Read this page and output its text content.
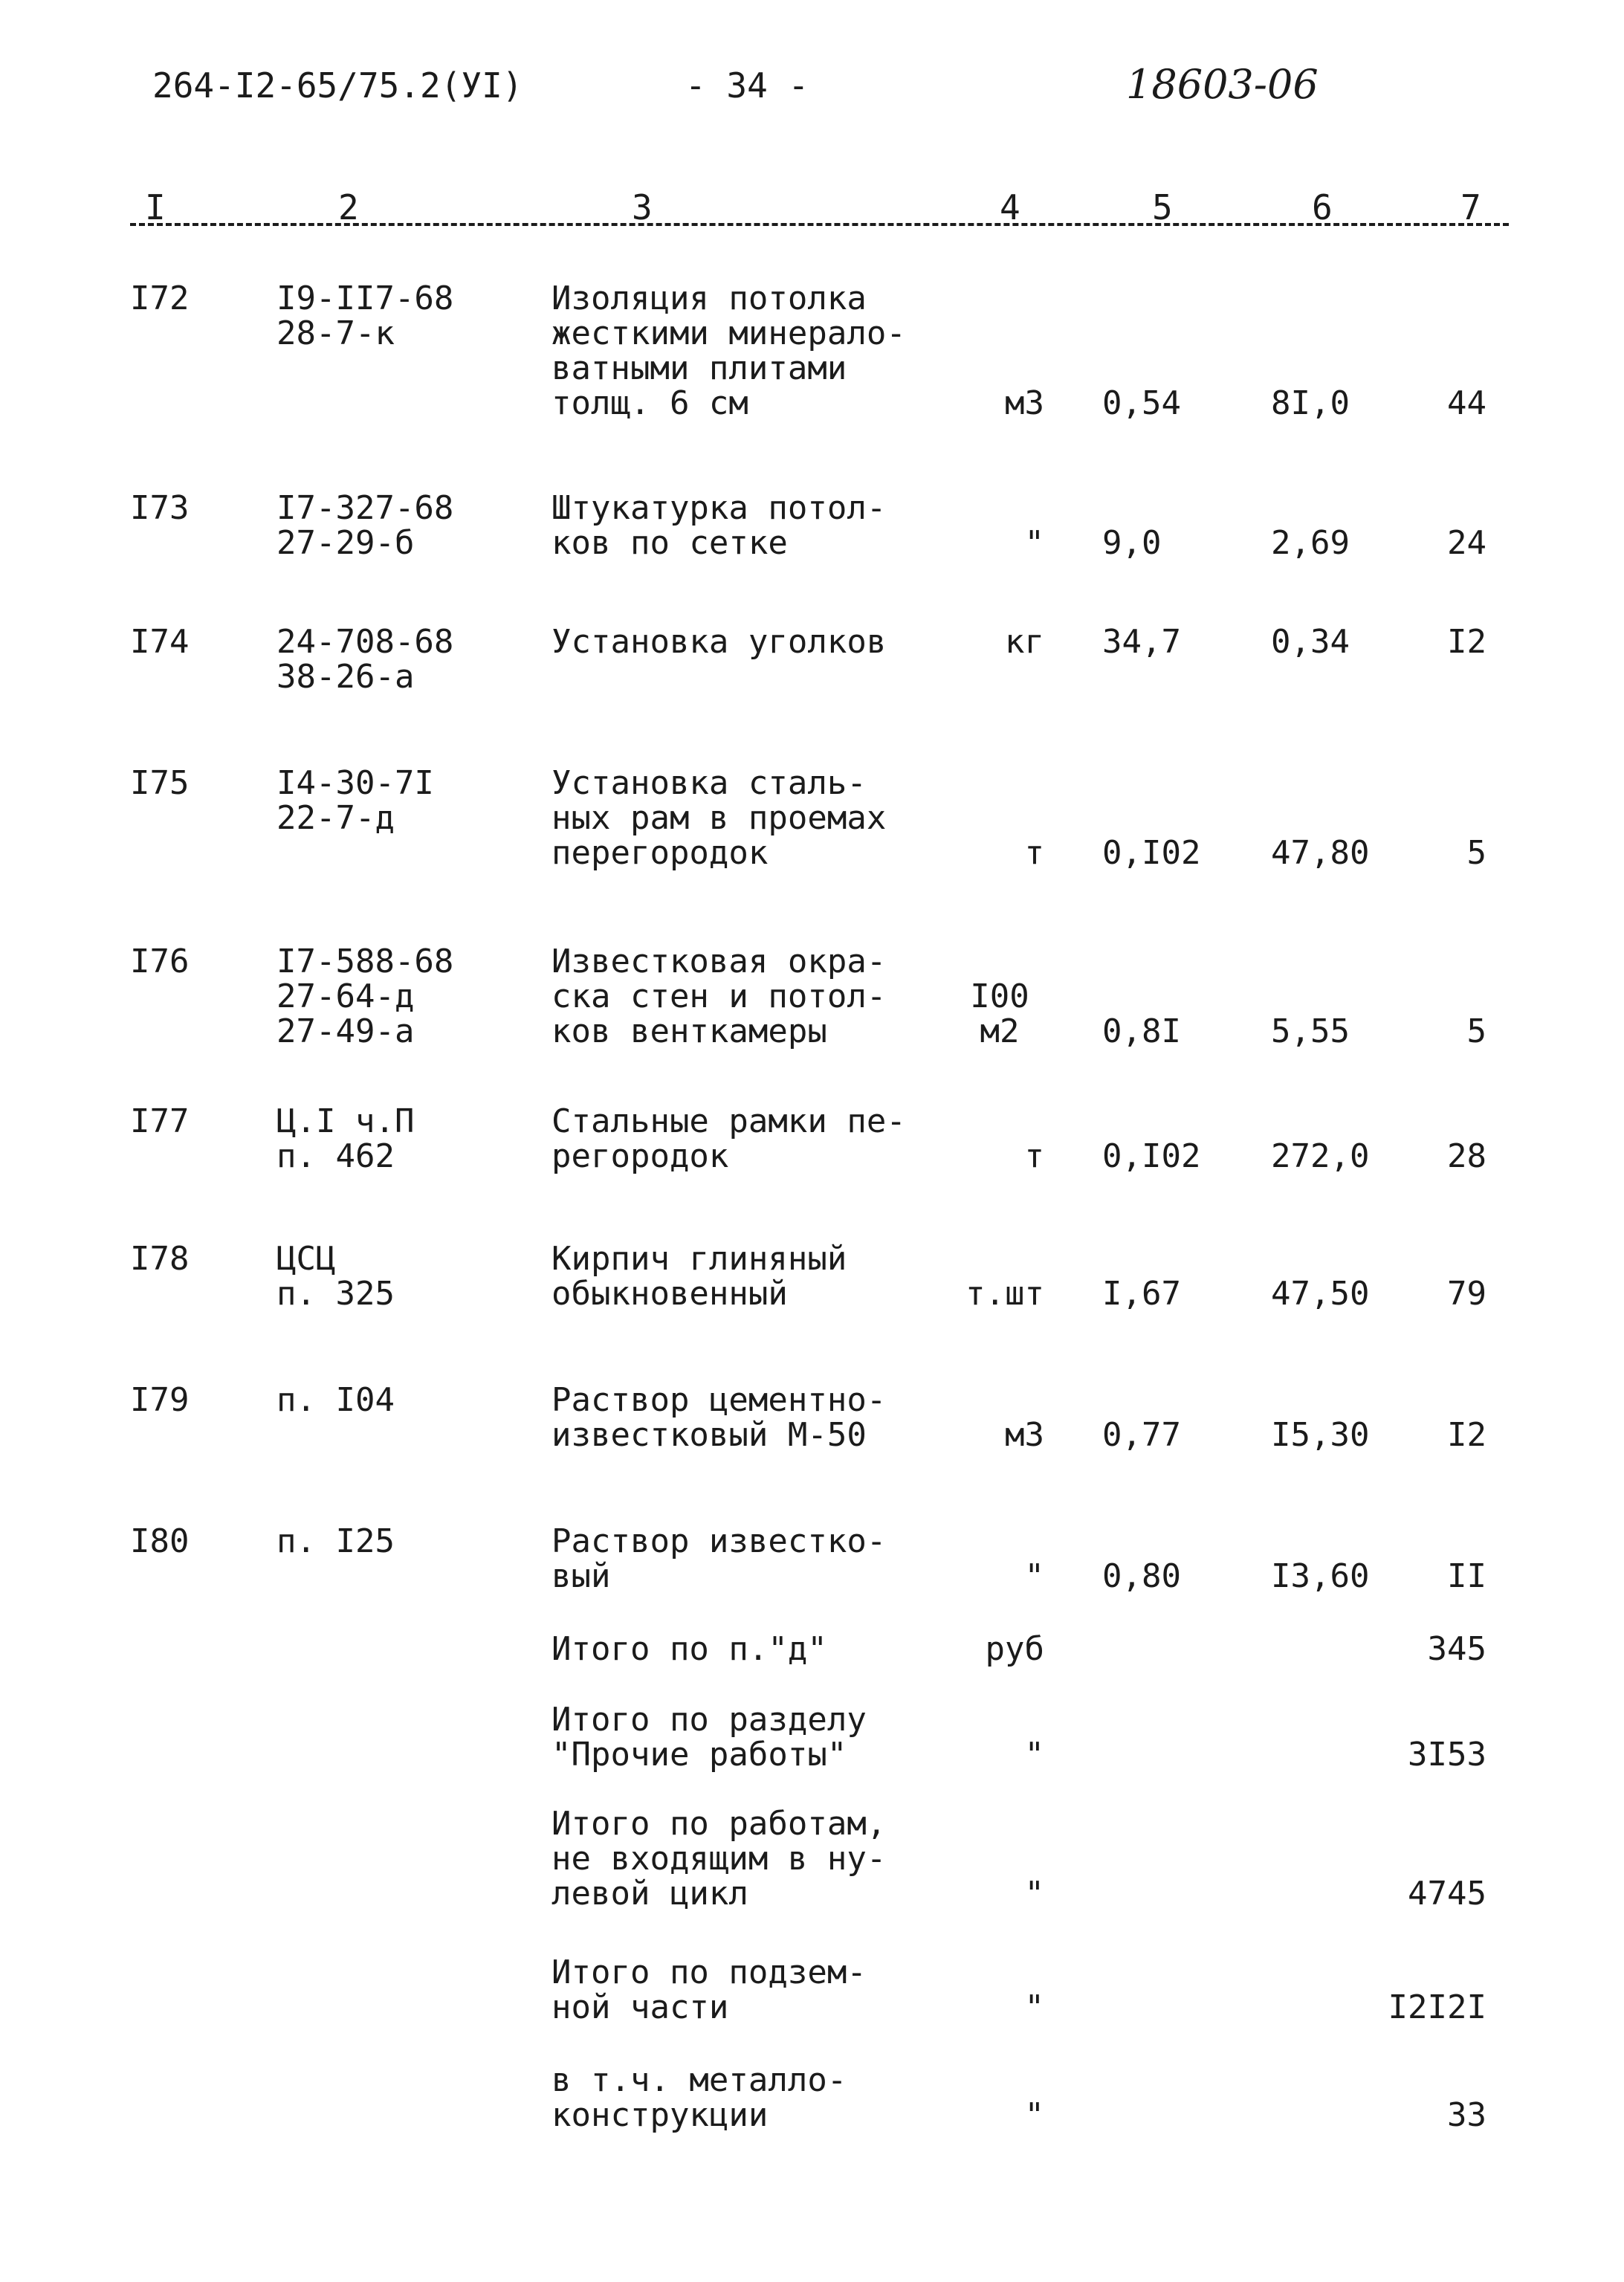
264-I2-65/75.2(УI)	- 34 -	18603-06
I	2	3	4	5	6	7
I72	I9-II7-68
28-7-к
Изоляция потолка
жесткими минерало-
ватными плитами
толщ. 6 см	м3 0,54	8I,0	44
I73	I7-327-68
27-29-б
Штукатурка потол-
ков по сетке	" 9,0	2,69	24
I74	24-708-68
38-26-а
Установка уголков	кг 34,7	0,34	I2
I75	I4-30-7I
22-7-д
Установка сталь-
ных рам в проемах
перегородок	т 0,I02 47,80	5
I76	I7-588-68
27-64-д
27-49-а
Известковая окра-
ска стен и потол-
ков венткамеры
I00 м2	0,8I	5,55	5
I77	Ц.I ч.П
п. 462
Стальные рамки пе-
регородок	т 0,I02 272,0	28
I78	ЦСЦ
п. 325
Кирпич глиняный
обыкновенный	т.шт I,67	47,50	79
I79	п. I04	Раствор цементно-
известковый М-50	м3 0,77	I5,30	I2
I80	п. I25	Раствор известко-
вый	" 0,80	I3,60	II
Итого по п."д"	руб	345
Итого по разделу
"Прочие работы"	"	3I53
Итого по работам,
не входящим в ну-
левой цикл	"	4745
Итого по подзем-
ной части	"	I2I2I
в т.ч. металло-
конструкции	"	33
